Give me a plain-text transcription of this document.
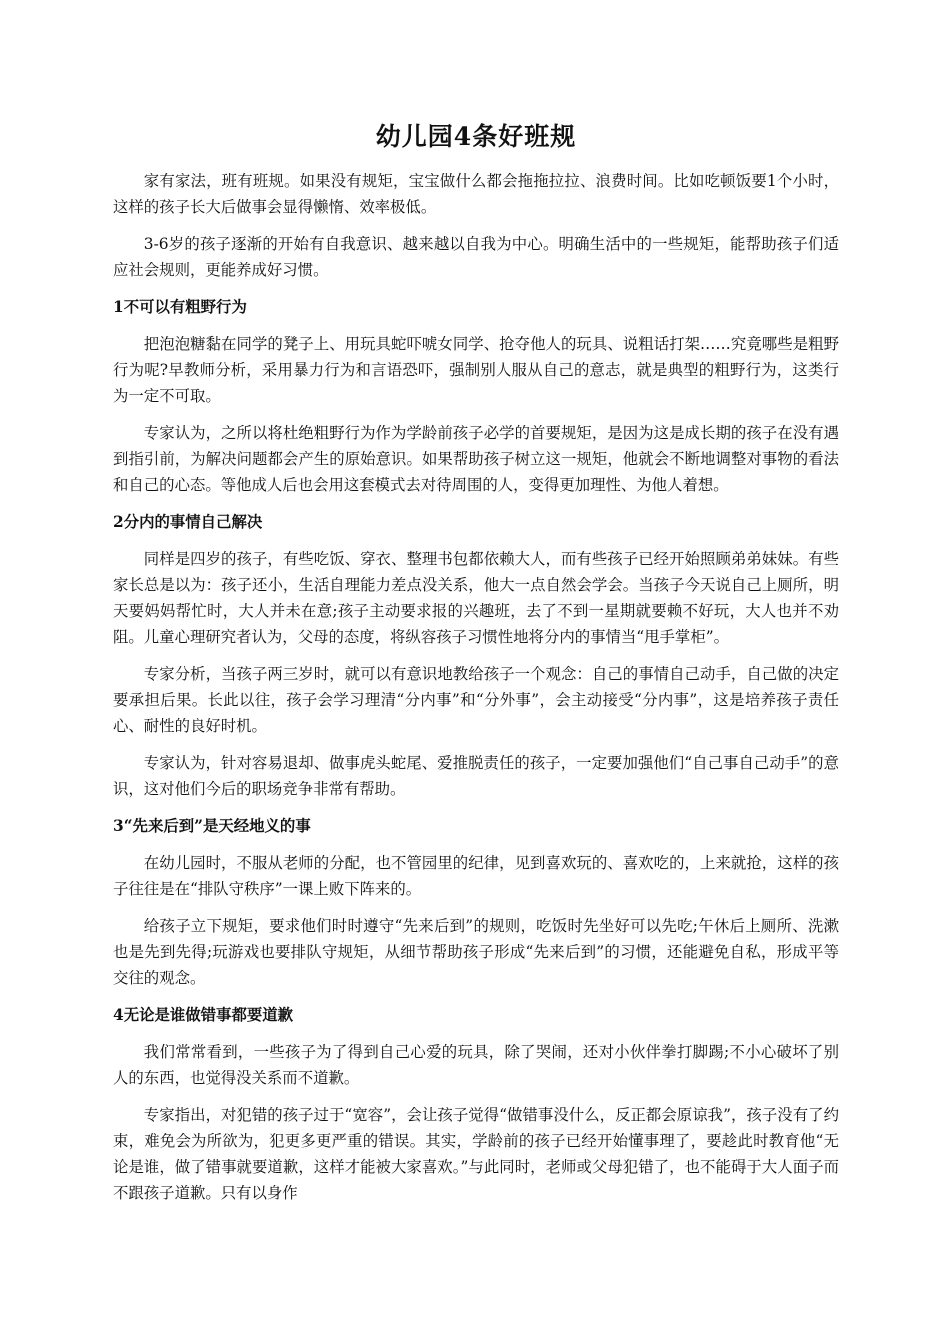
幼儿园4条好班规

家有家法，班有班规。如果没有规矩，宝宝做什么都会拖拖拉拉、浪费时间。比如吃顿饭要1个小时，这样的孩子长大后做事会显得懒惰、效率极低。

3-6岁的孩子逐渐的开始有自我意识、越来越以自我为中心。明确生活中的一些规矩，能帮助孩子们适应社会规则，更能养成好习惯。

1不可以有粗野行为

把泡泡糖黏在同学的凳子上、用玩具蛇吓唬女同学、抢夺他人的玩具、说粗话打架……究竟哪些是粗野行为呢?早教师分析，采用暴力行为和言语恐吓，强制别人服从自己的意志，就是典型的粗野行为，这类行为一定不可取。

专家认为，之所以将杜绝粗野行为作为学龄前孩子必学的首要规矩，是因为这是成长期的孩子在没有遇到指引前，为解决问题都会产生的原始意识。如果帮助孩子树立这一规矩，他就会不断地调整对事物的看法和自己的心态。等他成人后也会用这套模式去对待周围的人，变得更加理性、为他人着想。

2分内的事情自己解决

同样是四岁的孩子，有些吃饭、穿衣、整理书包都依赖大人，而有些孩子已经开始照顾弟弟妹妹。有些家长总是以为：孩子还小，生活自理能力差点没关系，他大一点自然会学会。当孩子今天说自己上厕所，明天要妈妈帮忙时，大人并未在意;孩子主动要求报的兴趣班，去了不到一星期就要赖不好玩，大人也并不劝阻。儿童心理研究者认为，父母的态度，将纵容孩子习惯性地将分内的事情当“甩手掌柜”。

专家分析，当孩子两三岁时，就可以有意识地教给孩子一个观念：自己的事情自己动手，自己做的决定要承担后果。长此以往，孩子会学习理清“分内事”和“分外事”，会主动接受“分内事”，这是培养孩子责任心、耐性的良好时机。

专家认为，针对容易退却、做事虎头蛇尾、爱推脱责任的孩子，一定要加强他们“自己事自己动手”的意识，这对他们今后的职场竞争非常有帮助。

3“先来后到”是天经地义的事

在幼儿园时，不服从老师的分配，也不管园里的纪律，见到喜欢玩的、喜欢吃的，上来就抢，这样的孩子往往是在“排队守秩序”一课上败下阵来的。

给孩子立下规矩，要求他们时时遵守“先来后到”的规则，吃饭时先坐好可以先吃;午休后上厕所、洗漱也是先到先得;玩游戏也要排队守规矩，从细节帮助孩子形成“先来后到”的习惯，还能避免自私，形成平等交往的观念。

4无论是谁做错事都要道歉

我们常常看到，一些孩子为了得到自己心爱的玩具，除了哭闹，还对小伙伴拳打脚踢;不小心破坏了别人的东西，也觉得没关系而不道歉。

专家指出，对犯错的孩子过于“宽容”，会让孩子觉得“做错事没什么，反正都会原谅我”，孩子没有了约束，难免会为所欲为，犯更多更严重的错误。其实，学龄前的孩子已经开始懂事理了，要趁此时教育他“无论是谁，做了错事就要道歉，这样才能被大家喜欢。”与此同时，老师或父母犯错了，也不能碍于大人面子而不跟孩子道歉。只有以身作
